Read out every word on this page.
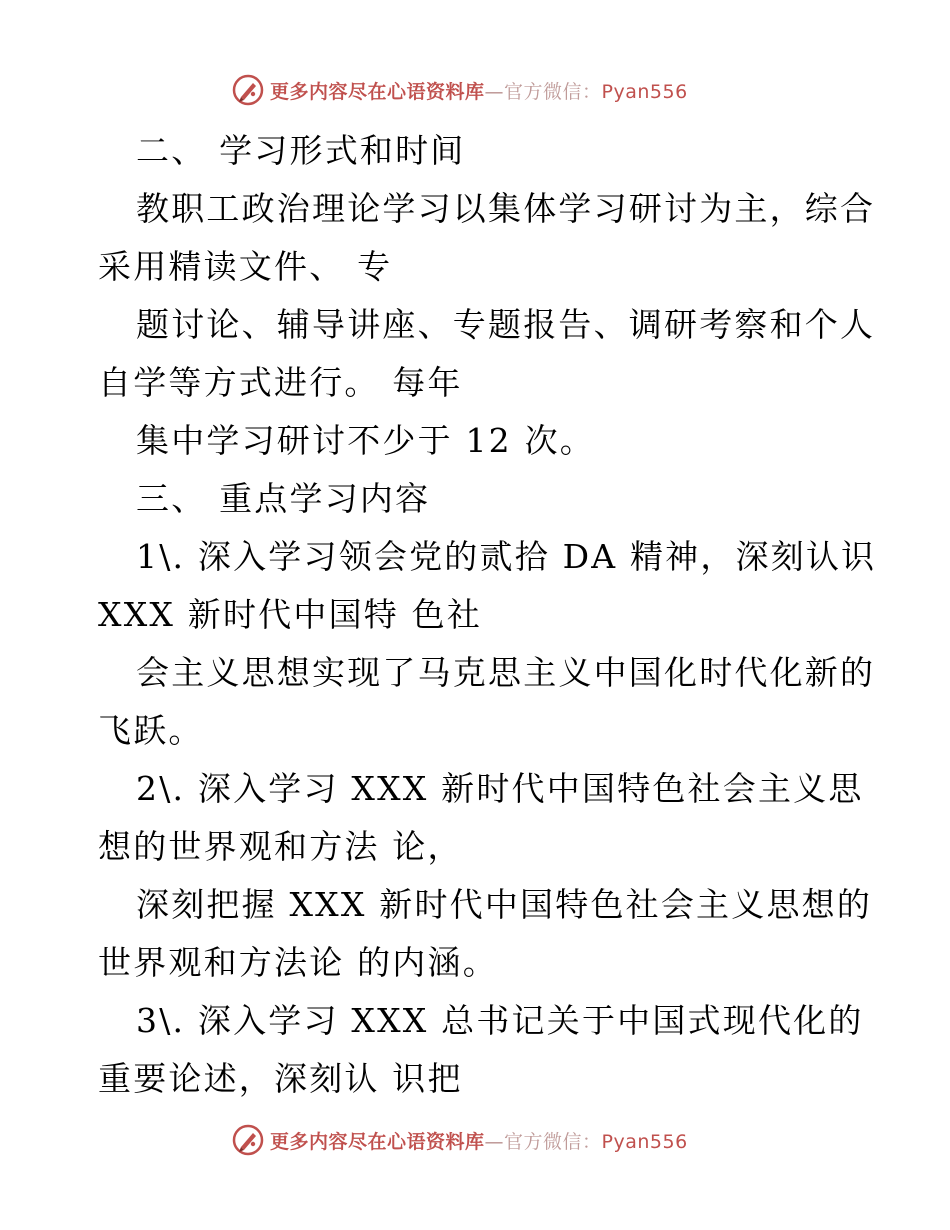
更多内容尽在心语资料库—官方微信：Pyan556
二、 学习形式和时间
教职工政治理论学习以集体学习研讨为主，综合
采用精读文件、 专
题讨论、辅导讲座、专题报告、调研考察和个人
自学等方式进行。 每年
集中学习研讨不少于 12 次。
三、 重点学习内容
1\. 深入学习领会党的贰拾 DA 精神，深刻认识
XXX 新时代中国特 色社
会主义思想实现了马克思主义中国化时代化新的
飞跃。
2\. 深入学习 XXX 新时代中国特色社会主义思
想的世界观和方法 论，
深刻把握 XXX 新时代中国特色社会主义思想的
世界观和方法论 的内涵。
3\. 深入学习 XXX 总书记关于中国式现代化的
重要论述，深刻认 识把
更多内容尽在心语资料库—官方微信：Pyan556
